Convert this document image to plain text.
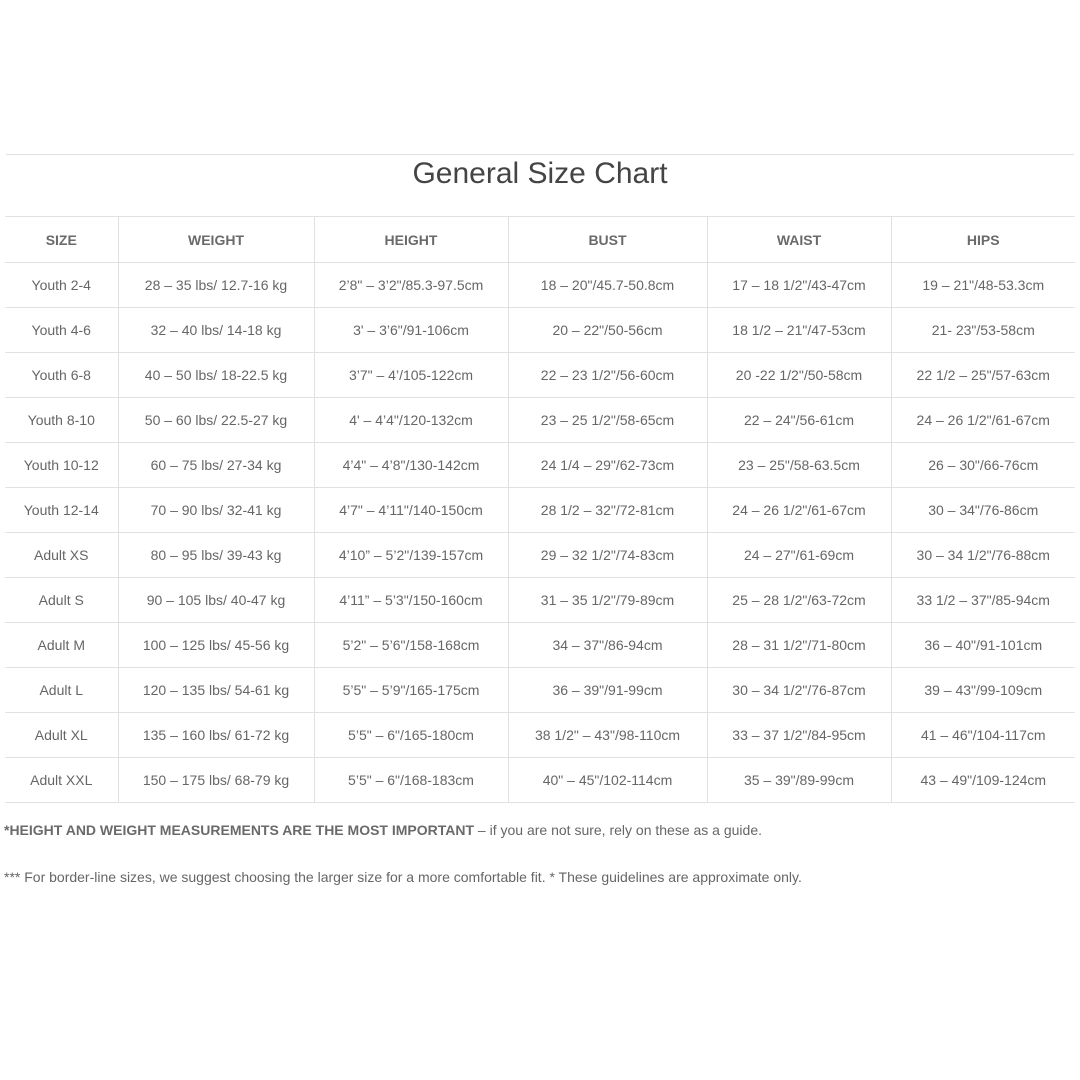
General Size Chart
SIZE	WEIGHT	HEIGHT	BUST	WAIST	HIPS
Youth 2-4	28 – 35 lbs/ 12.7-16 kg	2’8" – 3’2"/85.3-97.5cm	18 – 20"/45.7-50.8cm	17 – 18 1/2"/43-47cm	19 – 21"/48-53.3cm
Youth 4-6	32 – 40 lbs/ 14-18 kg	3' – 3’6"/91-106cm	20 – 22"/50-56cm	18 1/2 – 21"/47-53cm	21- 23"/53-58cm
Youth 6-8	40 – 50 lbs/ 18-22.5 kg	3’7" – 4’/105-122cm	22 – 23 1/2"/56-60cm	20 -22 1/2"/50-58cm	22 1/2 – 25"/57-63cm
Youth 8-10	50 – 60 lbs/ 22.5-27 kg	4' – 4’4"/120-132cm	23 – 25 1/2"/58-65cm	22 – 24"/56-61cm	24 – 26 1/2"/61-67cm
Youth 10-12	60 – 75 lbs/ 27-34 kg	4’4" – 4’8"/130-142cm	24 1/4 – 29"/62-73cm	23 – 25"/58-63.5cm	26 – 30"/66-76cm
Youth 12-14	70 – 90 lbs/ 32-41 kg	4’7" – 4’11"/140-150cm	28 1/2 – 32"/72-81cm	24 – 26 1/2"/61-67cm	30 – 34"/76-86cm
Adult XS	80 – 95 lbs/ 39-43 kg	4’10” – 5’2"/139-157cm	29 – 32 1/2"/74-83cm	24 – 27"/61-69cm	30 – 34 1/2"/76-88cm
Adult S	90 – 105 lbs/ 40-47 kg	4’11” – 5’3"/150-160cm	31 – 35 1/2"/79-89cm	25 – 28 1/2"/63-72cm	33 1/2 – 37"/85-94cm
Adult M	100 – 125 lbs/ 45-56 kg	5’2" – 5’6"/158-168cm	34 – 37"/86-94cm	28 – 31 1/2"/71-80cm	36 – 40"/91-101cm
Adult L	120 – 135 lbs/ 54-61 kg	5’5" – 5’9"/165-175cm	36 – 39"/91-99cm	30 – 34 1/2"/76-87cm	39 – 43"/99-109cm
Adult XL	135 – 160 lbs/ 61-72 kg	5’5" – 6"/165-180cm	38 1/2" – 43"/98-110cm	33 – 37 1/2"/84-95cm	41 – 46"/104-117cm
Adult XXL	150 – 175 lbs/ 68-79 kg	5’5" – 6"/168-183cm	40" – 45"/102-114cm	35 – 39"/89-99cm	43 – 49"/109-124cm

*HEIGHT AND WEIGHT MEASUREMENTS ARE THE MOST IMPORTANT – if you are not sure, rely on these as a guide.

*** For border-line sizes, we suggest choosing the larger size for a more comfortable fit. * These guidelines are approximate only.
